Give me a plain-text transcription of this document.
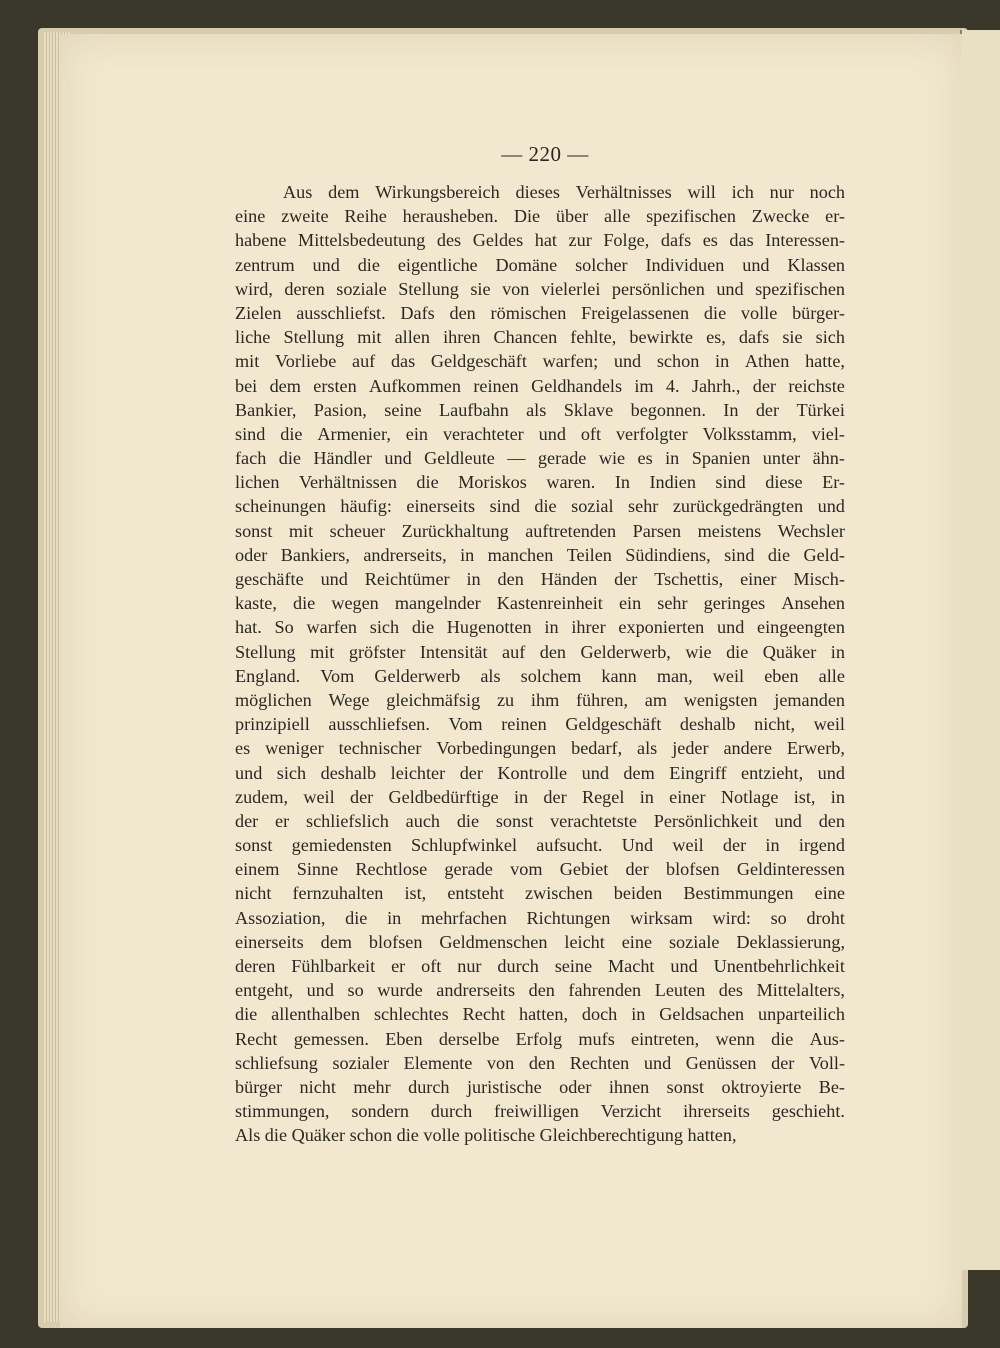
— 220 —
Aus dem Wirkungsbereich dieses Verhältnisses will ich nur noch
eine zweite Reihe herausheben. Die über alle spezifischen Zwecke er-
habene Mittelsbedeutung des Geldes hat zur Folge, dafs es das Interessen-
zentrum und die eigentliche Domäne solcher Individuen und Klassen
wird, deren soziale Stellung sie von vielerlei persönlichen und spezifischen
Zielen ausschliefst. Dafs den römischen Freigelassenen die volle bürger-
liche Stellung mit allen ihren Chancen fehlte, bewirkte es, dafs sie sich
mit Vorliebe auf das Geldgeschäft warfen; und schon in Athen hatte,
bei dem ersten Aufkommen reinen Geldhandels im 4. Jahrh., der reichste
Bankier, Pasion, seine Laufbahn als Sklave begonnen. In der Türkei
sind die Armenier, ein verachteter und oft verfolgter Volksstamm, viel-
fach die Händler und Geldleute — gerade wie es in Spanien unter ähn-
lichen Verhältnissen die Moriskos waren. In Indien sind diese Er-
scheinungen häufig: einerseits sind die sozial sehr zurückgedrängten und
sonst mit scheuer Zurückhaltung auftretenden Parsen meistens Wechsler
oder Bankiers, andrerseits, in manchen Teilen Südindiens, sind die Geld-
geschäfte und Reichtümer in den Händen der Tschettis, einer Misch-
kaste, die wegen mangelnder Kastenreinheit ein sehr geringes Ansehen
hat. So warfen sich die Hugenotten in ihrer exponierten und eingeengten
Stellung mit gröfster Intensität auf den Gelderwerb, wie die Quäker in
England. Vom Gelderwerb als solchem kann man, weil eben alle
möglichen Wege gleichmäfsig zu ihm führen, am wenigsten jemanden
prinzipiell ausschliefsen. Vom reinen Geldgeschäft deshalb nicht, weil
es weniger technischer Vorbedingungen bedarf, als jeder andere Erwerb,
und sich deshalb leichter der Kontrolle und dem Eingriff entzieht, und
zudem, weil der Geldbedürftige in der Regel in einer Notlage ist, in
der er schliefslich auch die sonst verachtetste Persönlichkeit und den
sonst gemiedensten Schlupfwinkel aufsucht. Und weil der in irgend
einem Sinne Rechtlose gerade vom Gebiet der blofsen Geldinteressen
nicht fernzuhalten ist, entsteht zwischen beiden Bestimmungen eine
Assoziation, die in mehrfachen Richtungen wirksam wird: so droht
einerseits dem blofsen Geldmenschen leicht eine soziale Deklassierung,
deren Fühlbarkeit er oft nur durch seine Macht und Unentbehrlichkeit
entgeht, und so wurde andrerseits den fahrenden Leuten des Mittelalters,
die allenthalben schlechtes Recht hatten, doch in Geldsachen unparteilich
Recht gemessen. Eben derselbe Erfolg mufs eintreten, wenn die Aus-
schliefsung sozialer Elemente von den Rechten und Genüssen der Voll-
bürger nicht mehr durch juristische oder ihnen sonst oktroyierte Be-
stimmungen, sondern durch freiwilligen Verzicht ihrerseits geschieht.
Als die Quäker schon die volle politische Gleichberechtigung hatten,
